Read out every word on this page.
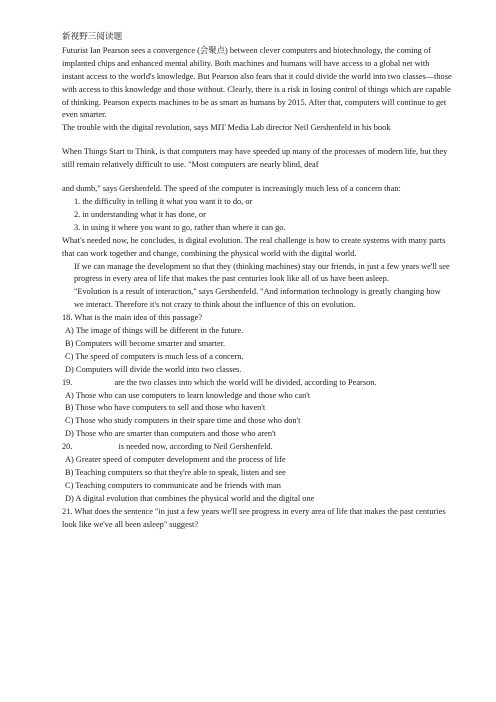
新视野三阅读题

Futurist Ian Pearson sees a convergence (会聚点) between clever computers and biotechnology, the coming of implanted chips and enhanced mental ability. Both machines and humans will have access to a global net with instant access to the world's knowledge. But Pearson also fears that it could divide the world into two classes—those with access to this knowledge and those without. Clearly, there is a risk in losing control of things which are capable of thinking. Pearson expects machines to be as smart as humans by 2015. After that, computers will continue to get even smarter.

The trouble with the digital revolution, says MIT Media Lab director Neil Gershenfeld in his book

When Things Start to Think, is that computers may have speeded up many of the processes of modern life, but they still remain relatively difficult to use. "Most computers are nearly blind, deaf

and dumb," says Gershenfeld. The speed of the computer is increasingly much less of a concern than:

1. the difficulty in telling it what you want it to do, or

2. in understanding what it has done, or

3. in using it where you want to go, rather than where it can go.

What's needed now, he concludes, is digital evolution. The real challenge is how to create systems with many parts that can work together and change, combining the physical world with the digital world.

If we can manage the development so that they (thinking machines) stay our friends, in just a few years we'll see progress in every area of life that makes the past centuries look like all of us have been asleep.

"Evolution is a result of interaction," says Gershenfeld. "And information technology is greatly changing how we interact. Therefore it's not crazy to think about the influence of this on evolution.

18. What is the main idea of this passage?

A) The image of things will be different in the future.

B) Computers will become smarter and smarter.

C) The speed of computers is much less of a concern.

D) Computers will divide the world into two classes.

19.	are the two classes into which the world will be divided, according to Pearson.

A) Those who can use computers to learn knowledge and those who can't

B) Those who have computers to sell and those who haven't

C) Those who study computers in their spare time and those who don't

D) Those who are smarter than computers and those who aren't

20.	is needed now, according to Neil Gershenfeld.

A) Greater speed of computer development and the process of life

B) Teaching computers so that they're able to speak, listen and see

C) Teaching computers to communicate and be friends with man

D) A digital evolution that combines the physical world and the digital one

21. What does the sentence "in just a few years we'll see progress in every area of life that makes the past centuries look like we've all been asleep" suggest?
